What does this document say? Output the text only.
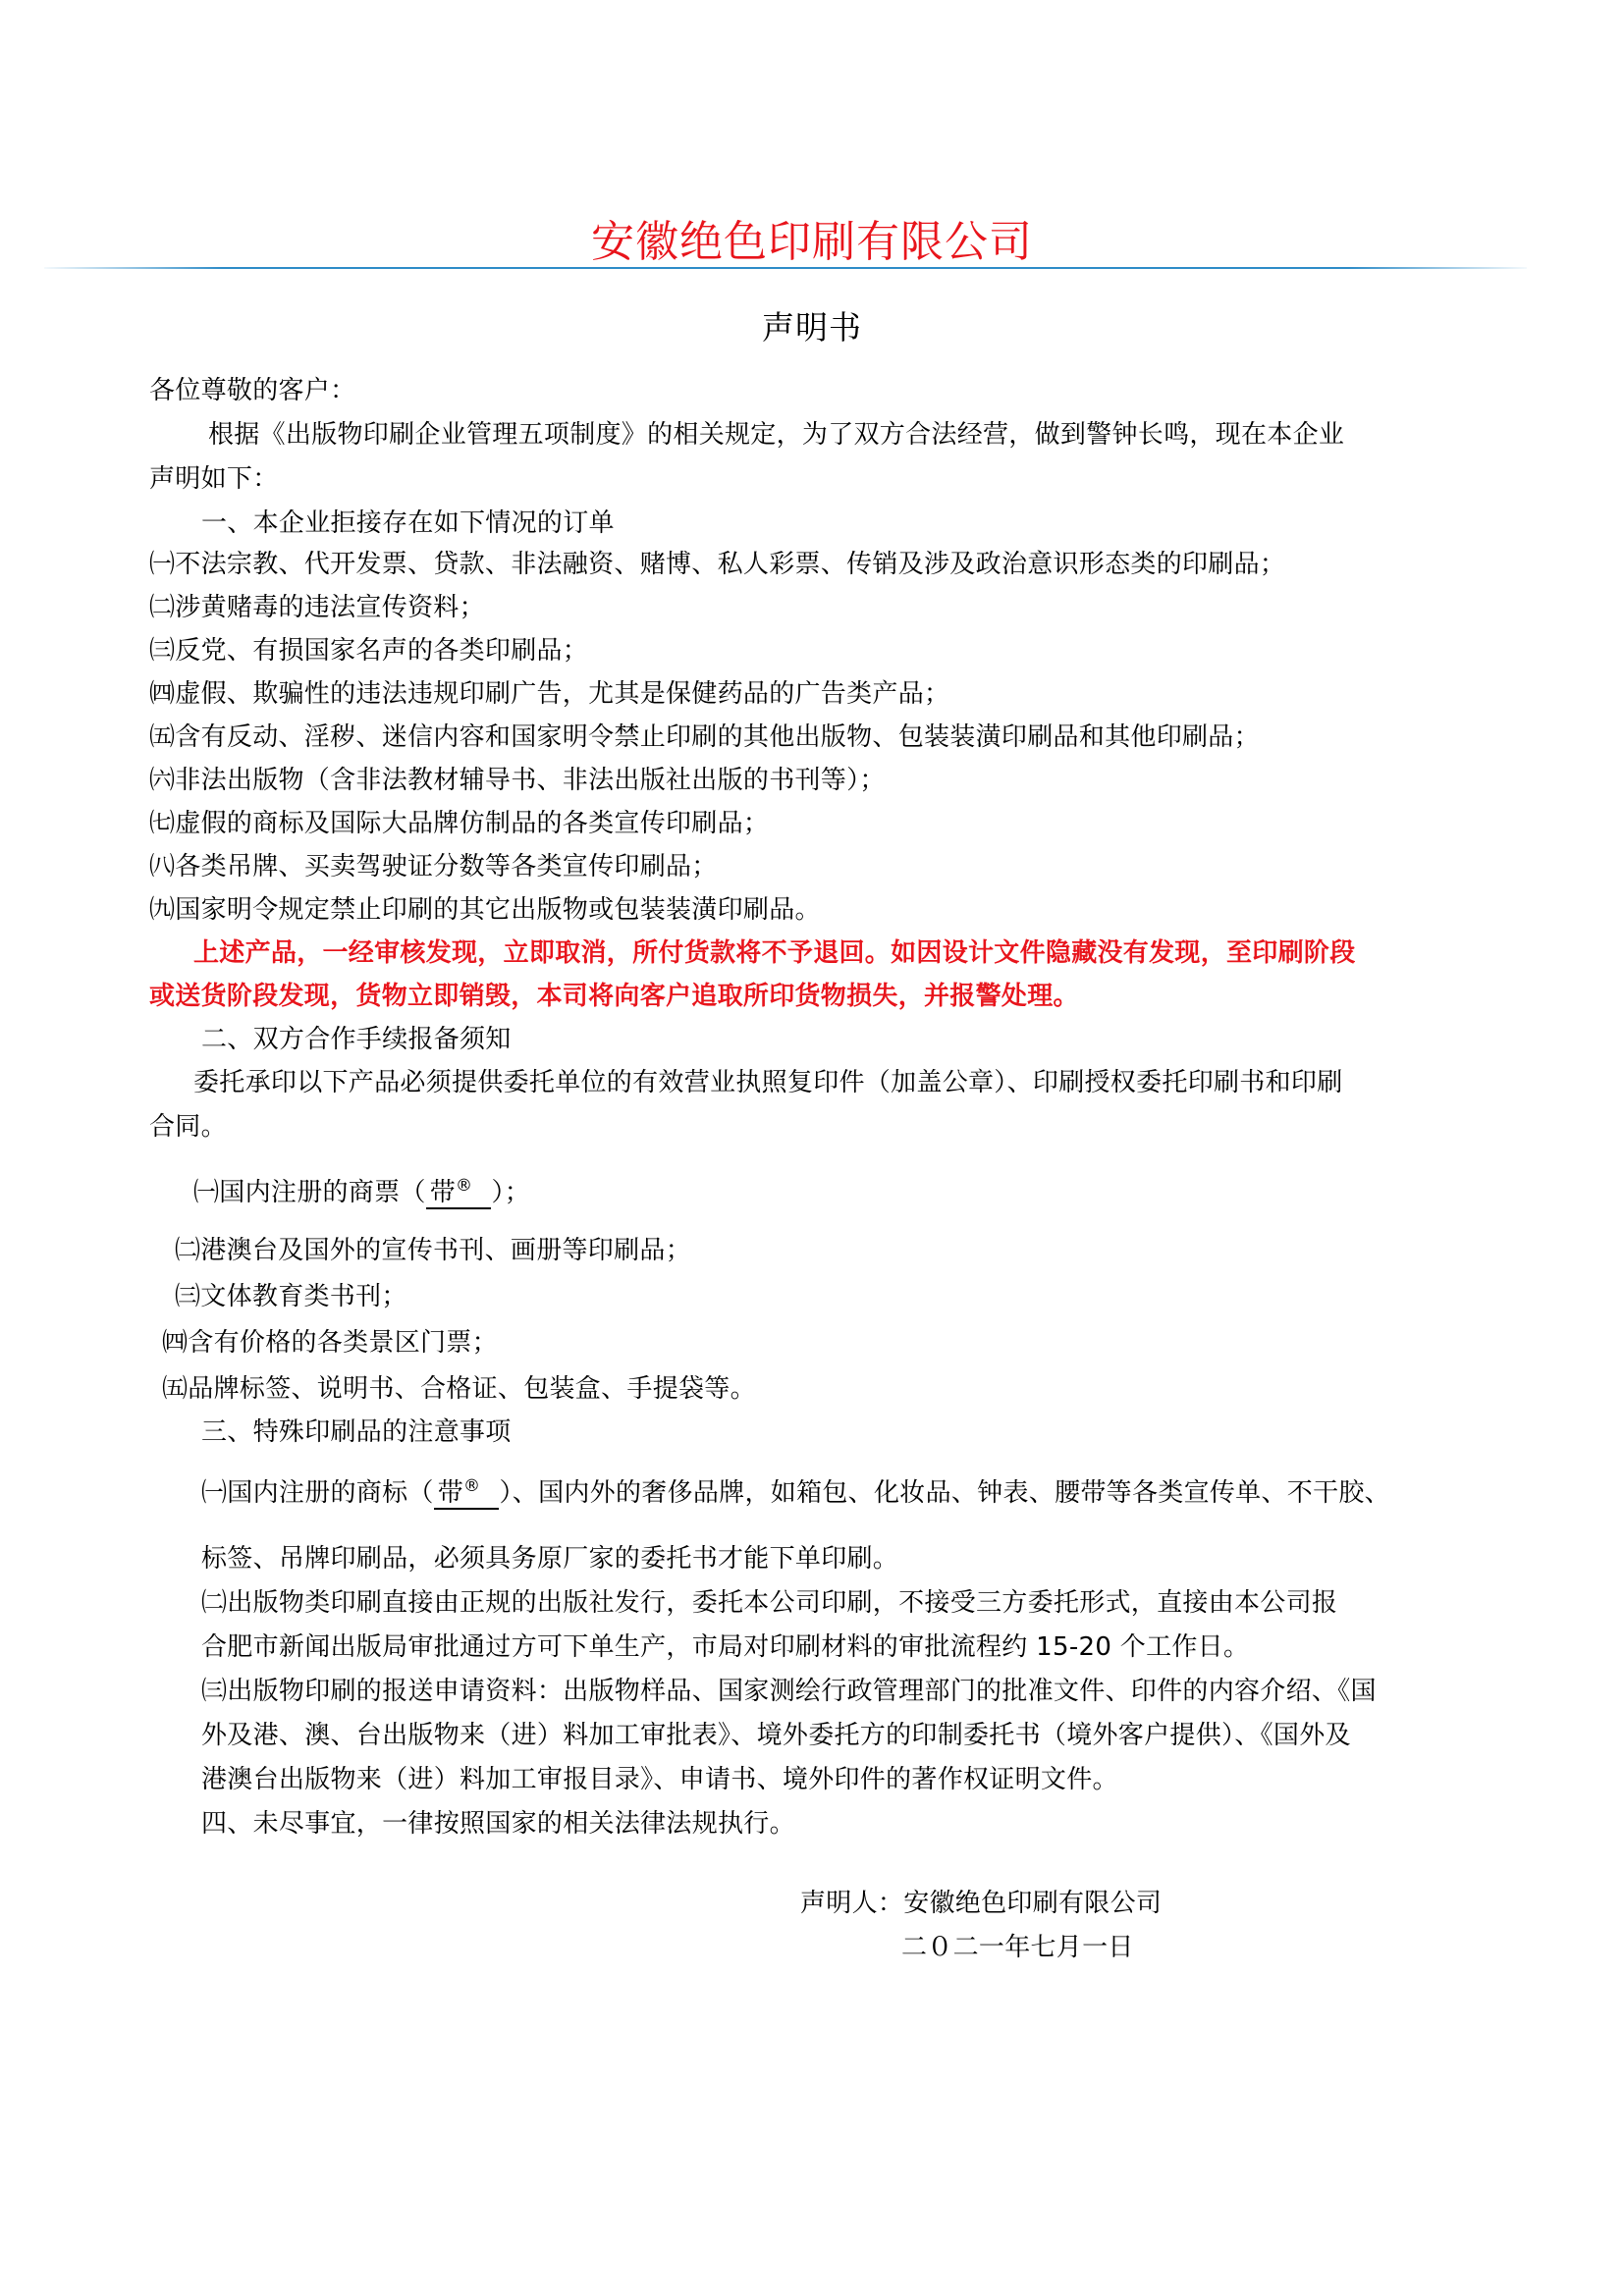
安徽绝色印刷有限公司
声明书
各位尊敬的客户：
根据《出版物印刷企业管理五项制度》的相关规定，为了双方合法经营，做到警钟长鸣，现在本企业
声明如下：
一、本企业拒接存在如下情况的订单
㈠不法宗教、代开发票、贷款、非法融资、赌博、私人彩票、传销及涉及政治意识形态类的印刷品；
㈡涉黄赌毒的违法宣传资料；
㈢反党、有损国家名声的各类印刷品；
㈣虚假、欺骗性的违法违规印刷广告，尤其是保健药品的广告类产品；
㈤含有反动、淫秽、迷信内容和国家明令禁止印刷的其他出版物、包装装潢印刷品和其他印刷品；
㈥非法出版物（含非法教材辅导书、非法出版社出版的书刊等）；
㈦虚假的商标及国际大品牌仿制品的各类宣传印刷品；
㈧各类吊牌、买卖驾驶证分数等各类宣传印刷品；
㈨国家明令规定禁止印刷的其它出版物或包装装潢印刷品。
上述产品，一经审核发现，立即取消，所付货款将不予退回。如因设计文件隐藏没有发现，至印刷阶段
或送货阶段发现，货物立即销毁，本司将向客户追取所印货物损失，并报警处理。
二、双方合作手续报备须知
委托承印以下产品必须提供委托单位的有效营业执照复印件（加盖公章）、印刷授权委托印刷书和印刷
合同。
㈠国内注册的商票（ 带® ）；
㈡港澳台及国外的宣传书刊、画册等印刷品；
㈢文体教育类书刊；
㈣含有价格的各类景区门票；
㈤品牌标签、说明书、合格证、包装盒、手提袋等。
三、特殊印刷品的注意事项
㈠国内注册的商标（ 带® ）、国内外的奢侈品牌，如箱包、化妆品、钟表、腰带等各类宣传单、不干胶、
标签、吊牌印刷品，必须具务原厂家的委托书才能下单印刷。
㈡出版物类印刷直接由正规的出版社发行，委托本公司印刷，不接受三方委托形式，直接由本公司报
合肥市新闻出版局审批通过方可下单生产，市局对印刷材料的审批流程约 15-20 个工作日。
㈢出版物印刷的报送申请资料：出版物样品、国家测绘行政管理部门的批准文件、印件的内容介绍、《国
外及港、澳、台出版物来（进）料加工审批表》、境外委托方的印制委托书（境外客户提供）、《国外及
港澳台出版物来（进）料加工审报目录》、申请书、境外印件的著作权证明文件。
四、未尽事宜，一律按照国家的相关法律法规执行。
声明人：安徽绝色印刷有限公司
二０二一年七月一日
